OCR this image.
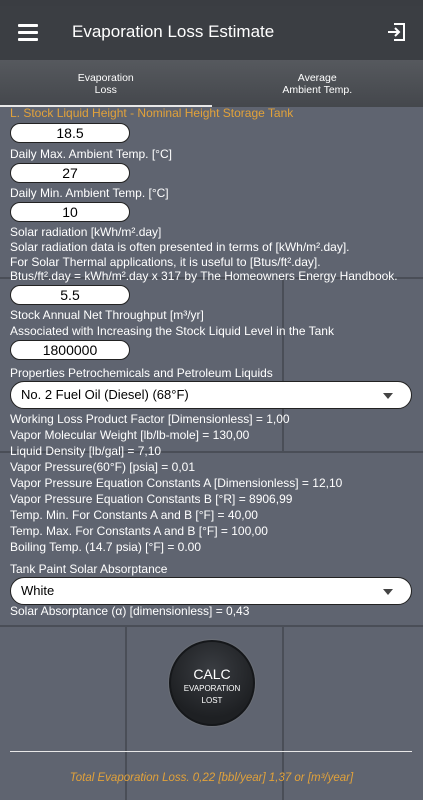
Evaporation Loss Estimate
Evaporation
Loss
Average
Ambient Temp.
L. Stock Liquid Height - Nominal Height Storage Tank
18.5
Daily Max. Ambient Temp. [°C]
27
Daily Min. Ambient Temp. [°C]
10
Solar radiation [kWh/m².day]
Solar radiation data is often presented in terms of [kWh/m².day].
For Solar Thermal applications, it is useful to [Btus/ft².day].
Btus/ft².day = kWh/m².day x 317 by The Homeowners Energy Handbook.
5.5
Stock Annual Net Throughput [m³/yr]
Associated with Increasing the Stock Liquid Level in the Tank
1800000
Properties Petrochemicals and Petroleum Liquids
No. 2 Fuel Oil (Diesel) (68°F)
Working Loss Product Factor [Dimensionless] = 1,00
Vapor Molecular Weight [lb/lb-mole] = 130,00
Liquid Density [lb/gal] = 7,10
Vapor Pressure(60°F) [psia] = 0,01
Vapor Pressure Equation Constants A [Dimensionless] = 12,10
Vapor Pressure Equation Constants B [°R] = 8906,99
Temp. Min. For Constants A and B [°F] = 40,00
Temp. Max. For Constants A and B [°F] = 100,00
Boiling Temp. (14.7 psia) [°F] = 0.00
Tank Paint Solar Absorptance
White
Solar Absorptance (α) [dimensionless] = 0,43
CALC
EVAPORATION
LOST
Total Evaporation Loss. 0,22 [bbl/year] 1,37 or [m³/year]
